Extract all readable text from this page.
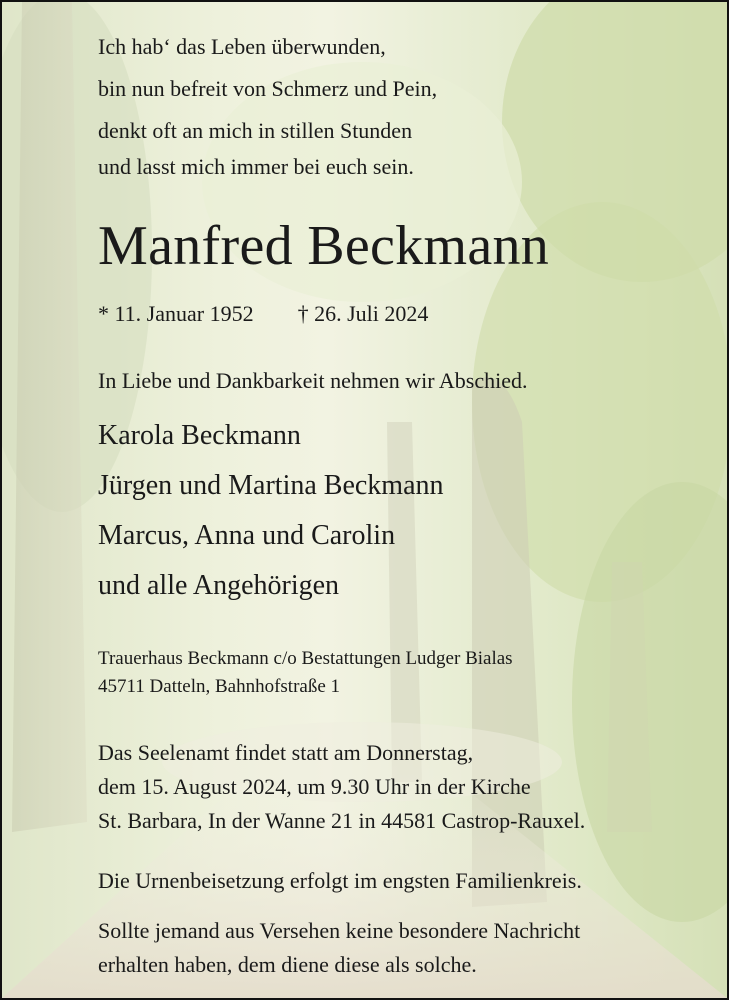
Ich hab‘ das Leben überwunden,
bin nun befreit von Schmerz und Pein,
denkt oft an mich in stillen Stunden
und lasst mich immer bei euch sein.
Manfred Beckmann
* 11. Januar 1952 † 26. Juli 2024
In Liebe und Dankbarkeit nehmen wir Abschied.
Karola Beckmann
Jürgen und Martina Beckmann
Marcus, Anna und Carolin
und alle Angehörigen
Trauerhaus Beckmann c/o Bestattungen Ludger Bialas
45711 Datteln, Bahnhofstraße 1
Das Seelenamt findet statt am Donnerstag,
dem 15. August 2024, um 9.30 Uhr in der Kirche
St. Barbara, In der Wanne 21 in 44581 Castrop-Rauxel.
Die Urnenbeisetzung erfolgt im engsten Familienkreis.
Sollte jemand aus Versehen keine besondere Nachricht
erhalten haben, dem diene diese als solche.
